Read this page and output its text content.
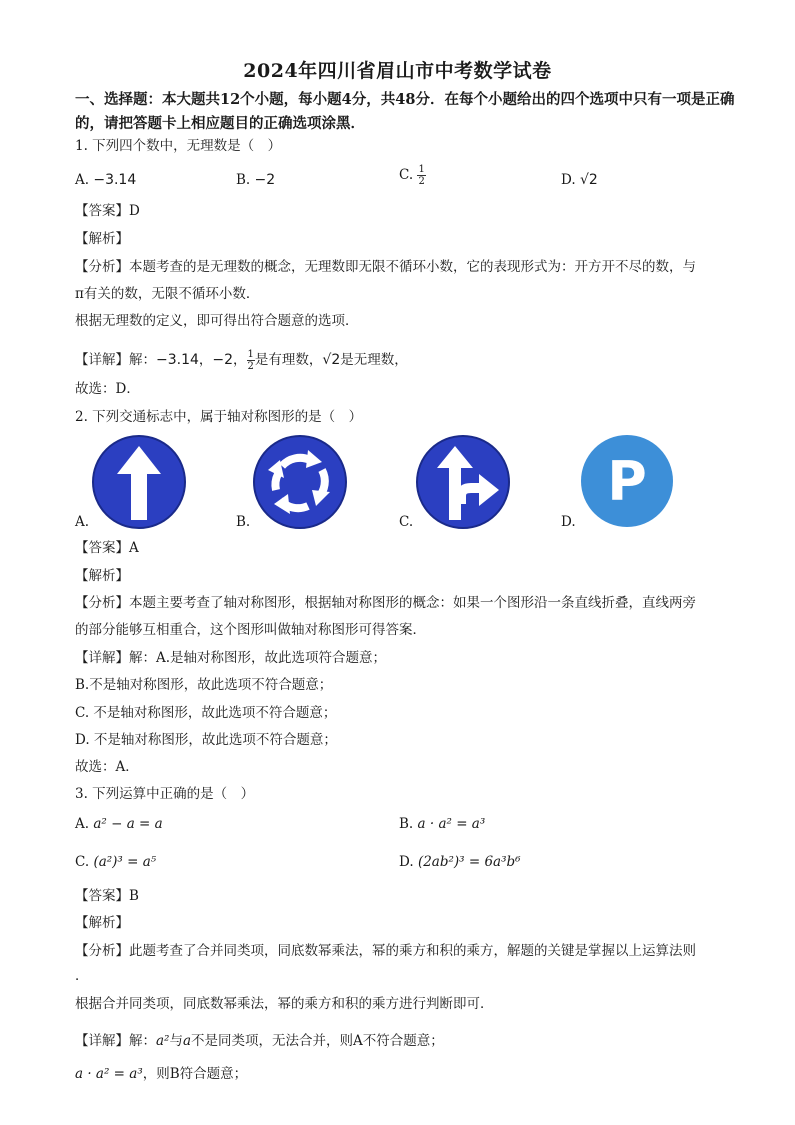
2024年四川省眉山市中考数学试卷
一、选择题：本大题共12个小题，每小题4分，共48分．在每个小题给出的四个选项中只有一项是正确的，请把答题卡上相应题目的正确选项涂黑．
1. 下列四个数中，无理数是（　）
A. −3.14	B. −2	C. $\frac{1}{2}$	D. √2
【答案】D
【解析】
【分析】本题考查的是无理数的概念，无理数即无限不循环小数，它的表现形式为：开方开不尽的数，与
π有关的数，无限不循环小数．
根据无理数的定义，即可得出符合题意的选项．
【详解】解：−3.14，−2， $\frac{1}{2}$ 是有理数，√2是无理数，
故选：D．
2. 下列交通标志中，属于轴对称图形的是（　）
A.	B.	C.
P
D.
【答案】A
【解析】
【分析】本题主要考查了轴对称图形，根据轴对称图形的概念：如果一个图形沿一条直线折叠，直线两旁
的部分能够互相重合，这个图形叫做轴对称图形可得答案．
【详解】解：A.是轴对称图形，故此选项符合题意；
B.不是轴对称图形，故此选项不符合题意；
C. 不是轴对称图形，故此选项不符合题意；
D. 不是轴对称图形，故此选项不符合题意；
故选：A．
3. 下列运算中正确的是（　）
A. a² − a = a	B. a · a² = a³
C. (a²)³ = a⁵	D. (2ab²)³ = 6a³b⁶
【答案】B
【解析】
【分析】此题考查了合并同类项，同底数幂乘法，幂的乘方和积的乘方，解题的关键是掌握以上运算法则
．
根据合并同类项，同底数幂乘法，幂的乘方和积的乘方进行判断即可．
【详解】解：a²与a不是同类项，无法合并，则A不符合题意；
a · a² = a³，则B符合题意；
